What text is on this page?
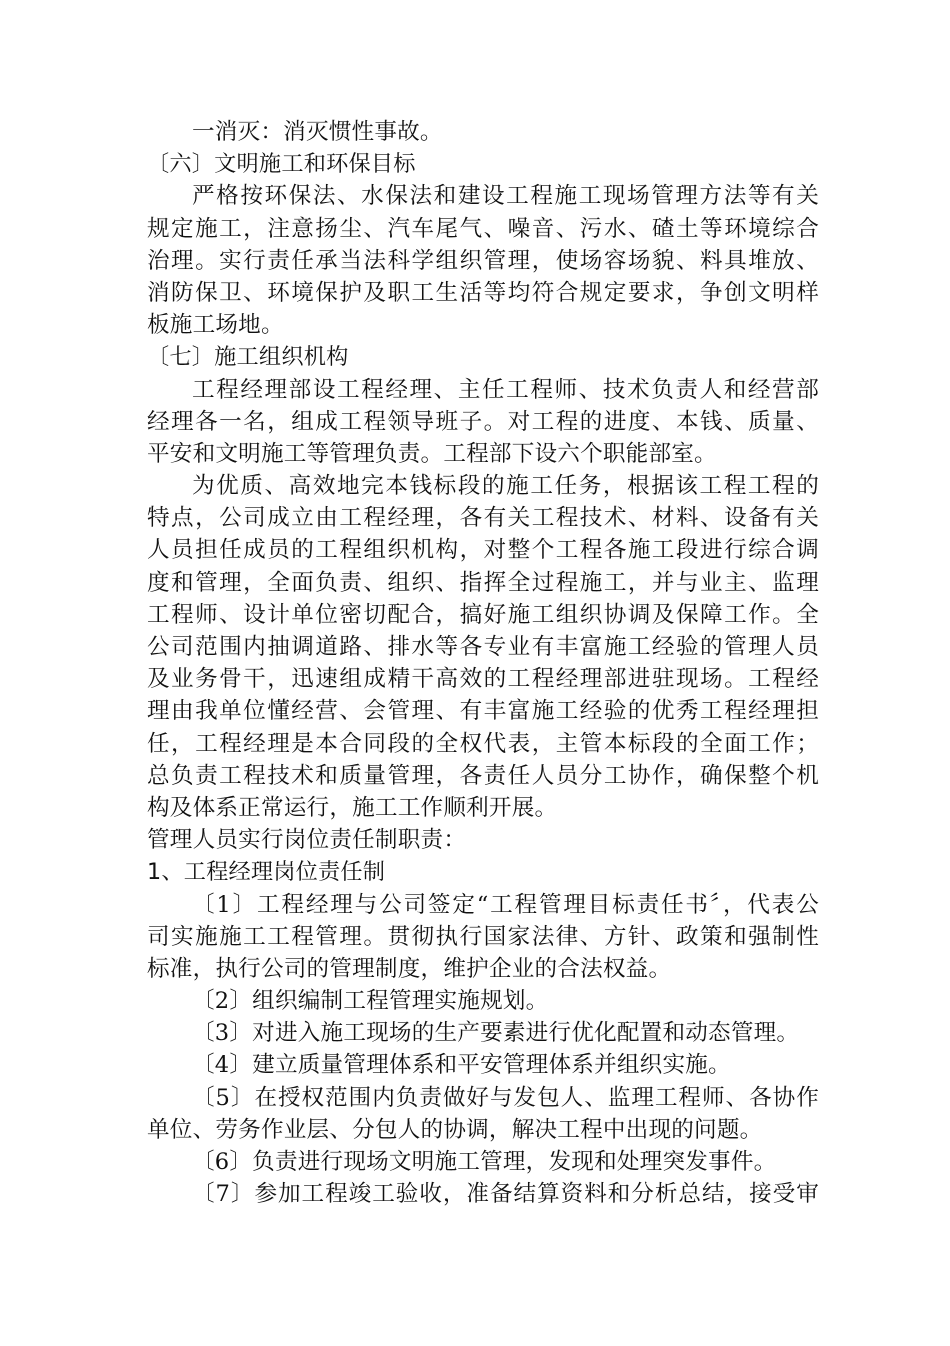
一消灭：消灭惯性事故。
〔六〕文明施工和环保目标
严格按环保法、水保法和建设工程施工现场管理方法等有关
规定施工，注意扬尘、汽车尾气、噪音、污水、碴土等环境综合
治理。实行责任承当法科学组织管理，使场容场貌、料具堆放、
消防保卫、环境保护及职工生活等均符合规定要求，争创文明样
板施工场地。
〔七〕施工组织机构
工程经理部设工程经理、主任工程师、技术负责人和经营部
经理各一名，组成工程领导班子。对工程的进度、本钱、质量、
平安和文明施工等管理负责。工程部下设六个职能部室。
为优质、高效地完本钱标段的施工任务，根据该工程工程的
特点，公司成立由工程经理，各有关工程技术、材料、设备有关
人员担任成员的工程组织机构，对整个工程各施工段进行综合调
度和管理，全面负责、组织、指挥全过程施工，并与业主、监理
工程师、设计单位密切配合，搞好施工组织协调及保障工作。全
公司范围内抽调道路、排水等各专业有丰富施工经验的管理人员
及业务骨干，迅速组成精干高效的工程经理部进驻现场。工程经
理由我单位懂经营、会管理、有丰富施工经验的优秀工程经理担
任，工程经理是本合同段的全权代表，主管本标段的全面工作；
总负责工程技术和质量管理，各责任人员分工协作，确保整个机
构及体系正常运行，施工工作顺利开展。
管理人员实行岗位责任制职责：
1、工程经理岗位责任制
〔1〕工程经理与公司签定“工程管理目标责任书〞，代表公
司实施施工工程管理。贯彻执行国家法律、方针、政策和强制性
标准，执行公司的管理制度，维护企业的合法权益。
〔2〕组织编制工程管理实施规划。
〔3〕对进入施工现场的生产要素进行优化配置和动态管理。
〔4〕建立质量管理体系和平安管理体系并组织实施。
〔5〕在授权范围内负责做好与发包人、监理工程师、各协作
单位、劳务作业层、分包人的协调，解决工程中出现的问题。
〔6〕负责进行现场文明施工管理，发现和处理突发事件。
〔7〕参加工程竣工验收，准备结算资料和分析总结，接受审
